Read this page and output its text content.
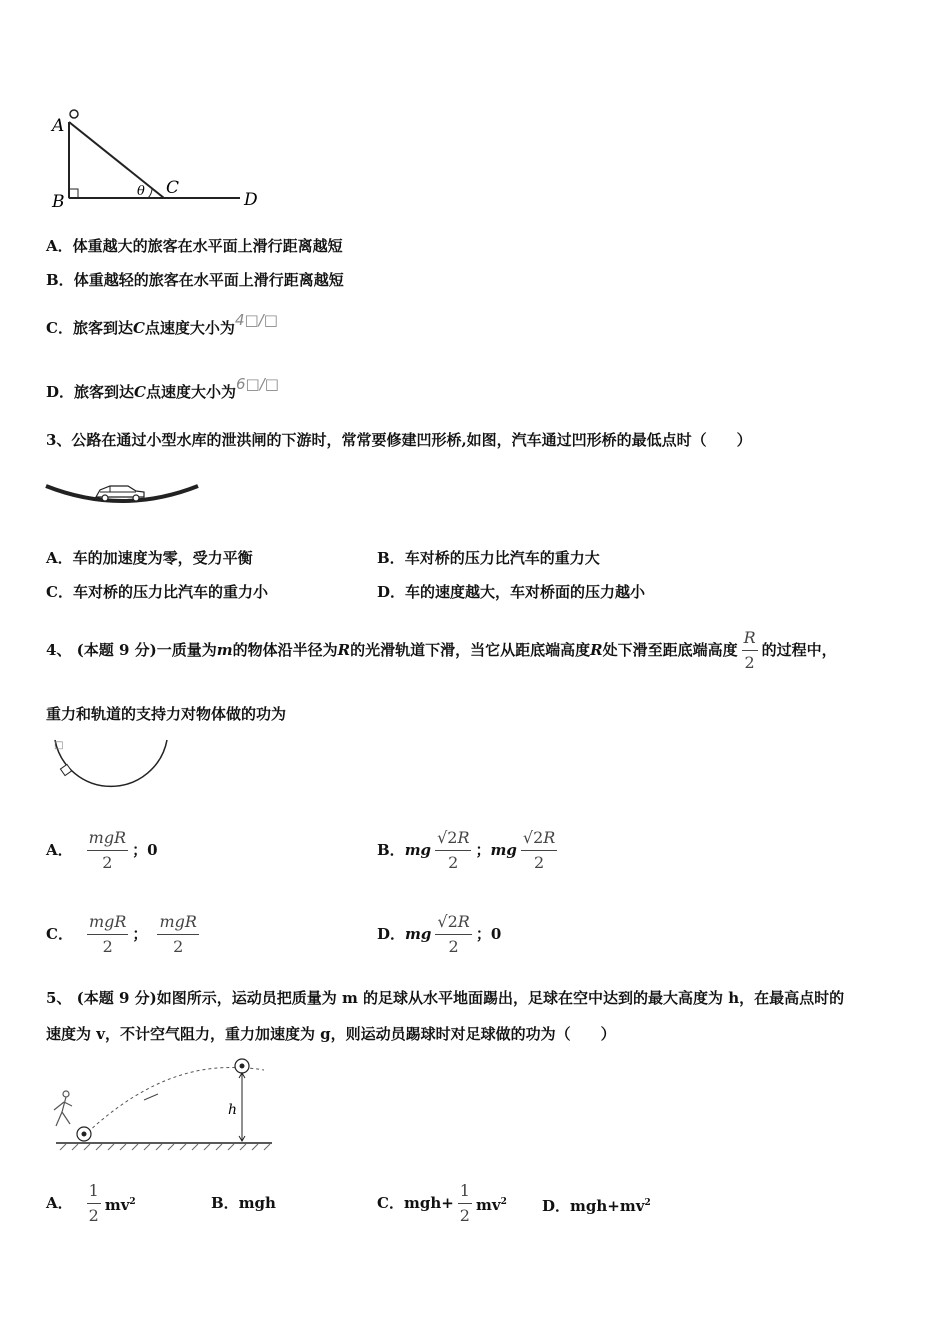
A
B
C
D
θ
A．体重越大的旅客在水平面上滑行距离越短
B．体重越轻的旅客在水平面上滑行距离越短
C．旅客到达C点速度大小为4□/□
D．旅客到达C点速度大小为6□/□
3、公路在通过小型水库的泄洪闸的下游时，常常要修建凹形桥,如图，汽车通过凹形桥的最低点时（　　）
A．车的加速度为零，受力平衡	B．车对桥的压力比汽车的重力大
C．车对桥的压力比汽车的重力小	D．车的速度越大，车对桥面的压力越小
4、 (本题 9 分)一质量为 m 的物体沿半径为 R 的光滑轨道下滑，当它从距底端高度 R 处下滑至距底端高度 $\frac{R}{2}$ 的过程中，
重力和轨道的支持力对物体做的功为
□
A． $\frac{\text{mgR}}{2}$ ；0	B． mg $\frac{√2R}{2}$ ； mg $\frac{√2R}{2}$
C． $\frac{\text{mgR}}{2}$ ； $\frac{\text{mgR}}{2}$	D． mg $\frac{√2R}{2}$ ；0
5、 (本题 9 分)如图所示，运动员把质量为 m 的足球从水平地面踢出，足球在空中达到的最大高度为 h，在最高点时的
速度为 v，不计空气阻力，重力加速度为 g，则运动员踢球时对足球做的功为（　　）
h
A． $\frac{1}{2} mv^2$	B．mgh	C． $mgh+ \frac{1}{2} mv^2$ D．$mgh+mv^2$
